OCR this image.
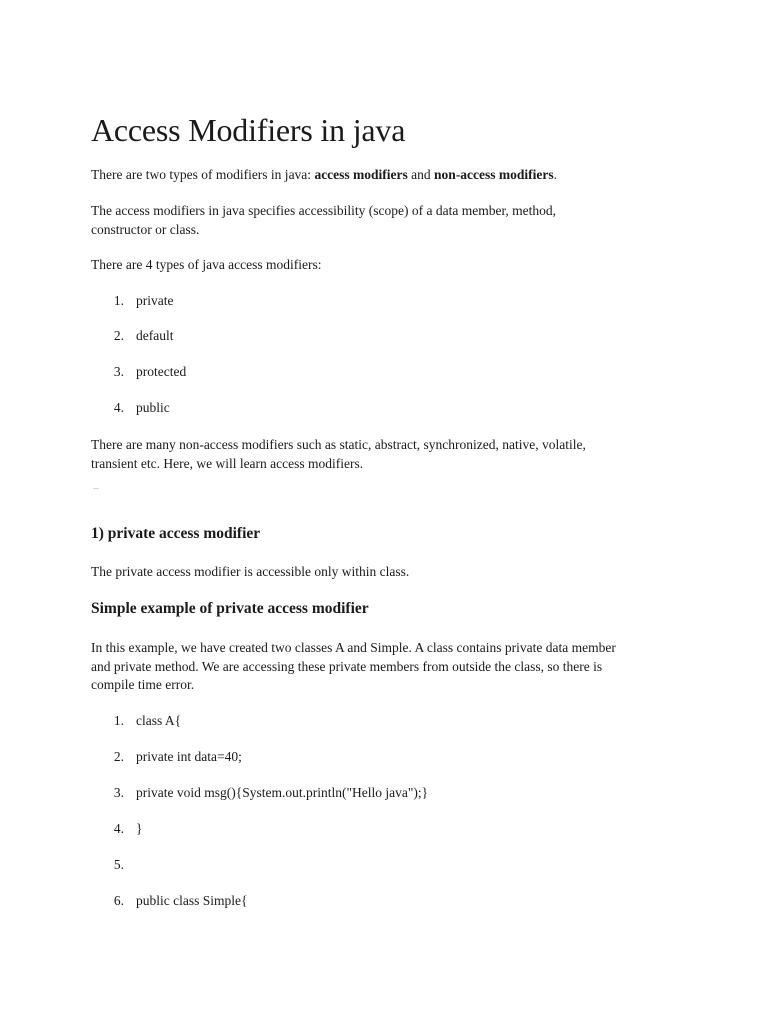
Access Modifiers in java

There are two types of modifiers in java: access modifiers and non-access modifiers.

The access modifiers in java specifies accessibility (scope) of a data member, method,

constructor or class.

There are 4 types of java access modifiers:

1. private
2. default
3. protected
4. public

There are many non-access modifiers such as static, abstract, synchronized, native, volatile,

transient etc. Here, we will learn access modifiers.

1) private access modifier

The private access modifier is accessible only within class.

Simple example of private access modifier

In this example, we have created two classes A and Simple. A class contains private data member

and private method. We are accessing these private members from outside the class, so there is

compile time error.

1. class A{
2. private int data=40;
3. private void msg(){System.out.println("Hello java");}
4. }
5.
6. public class Simple{
